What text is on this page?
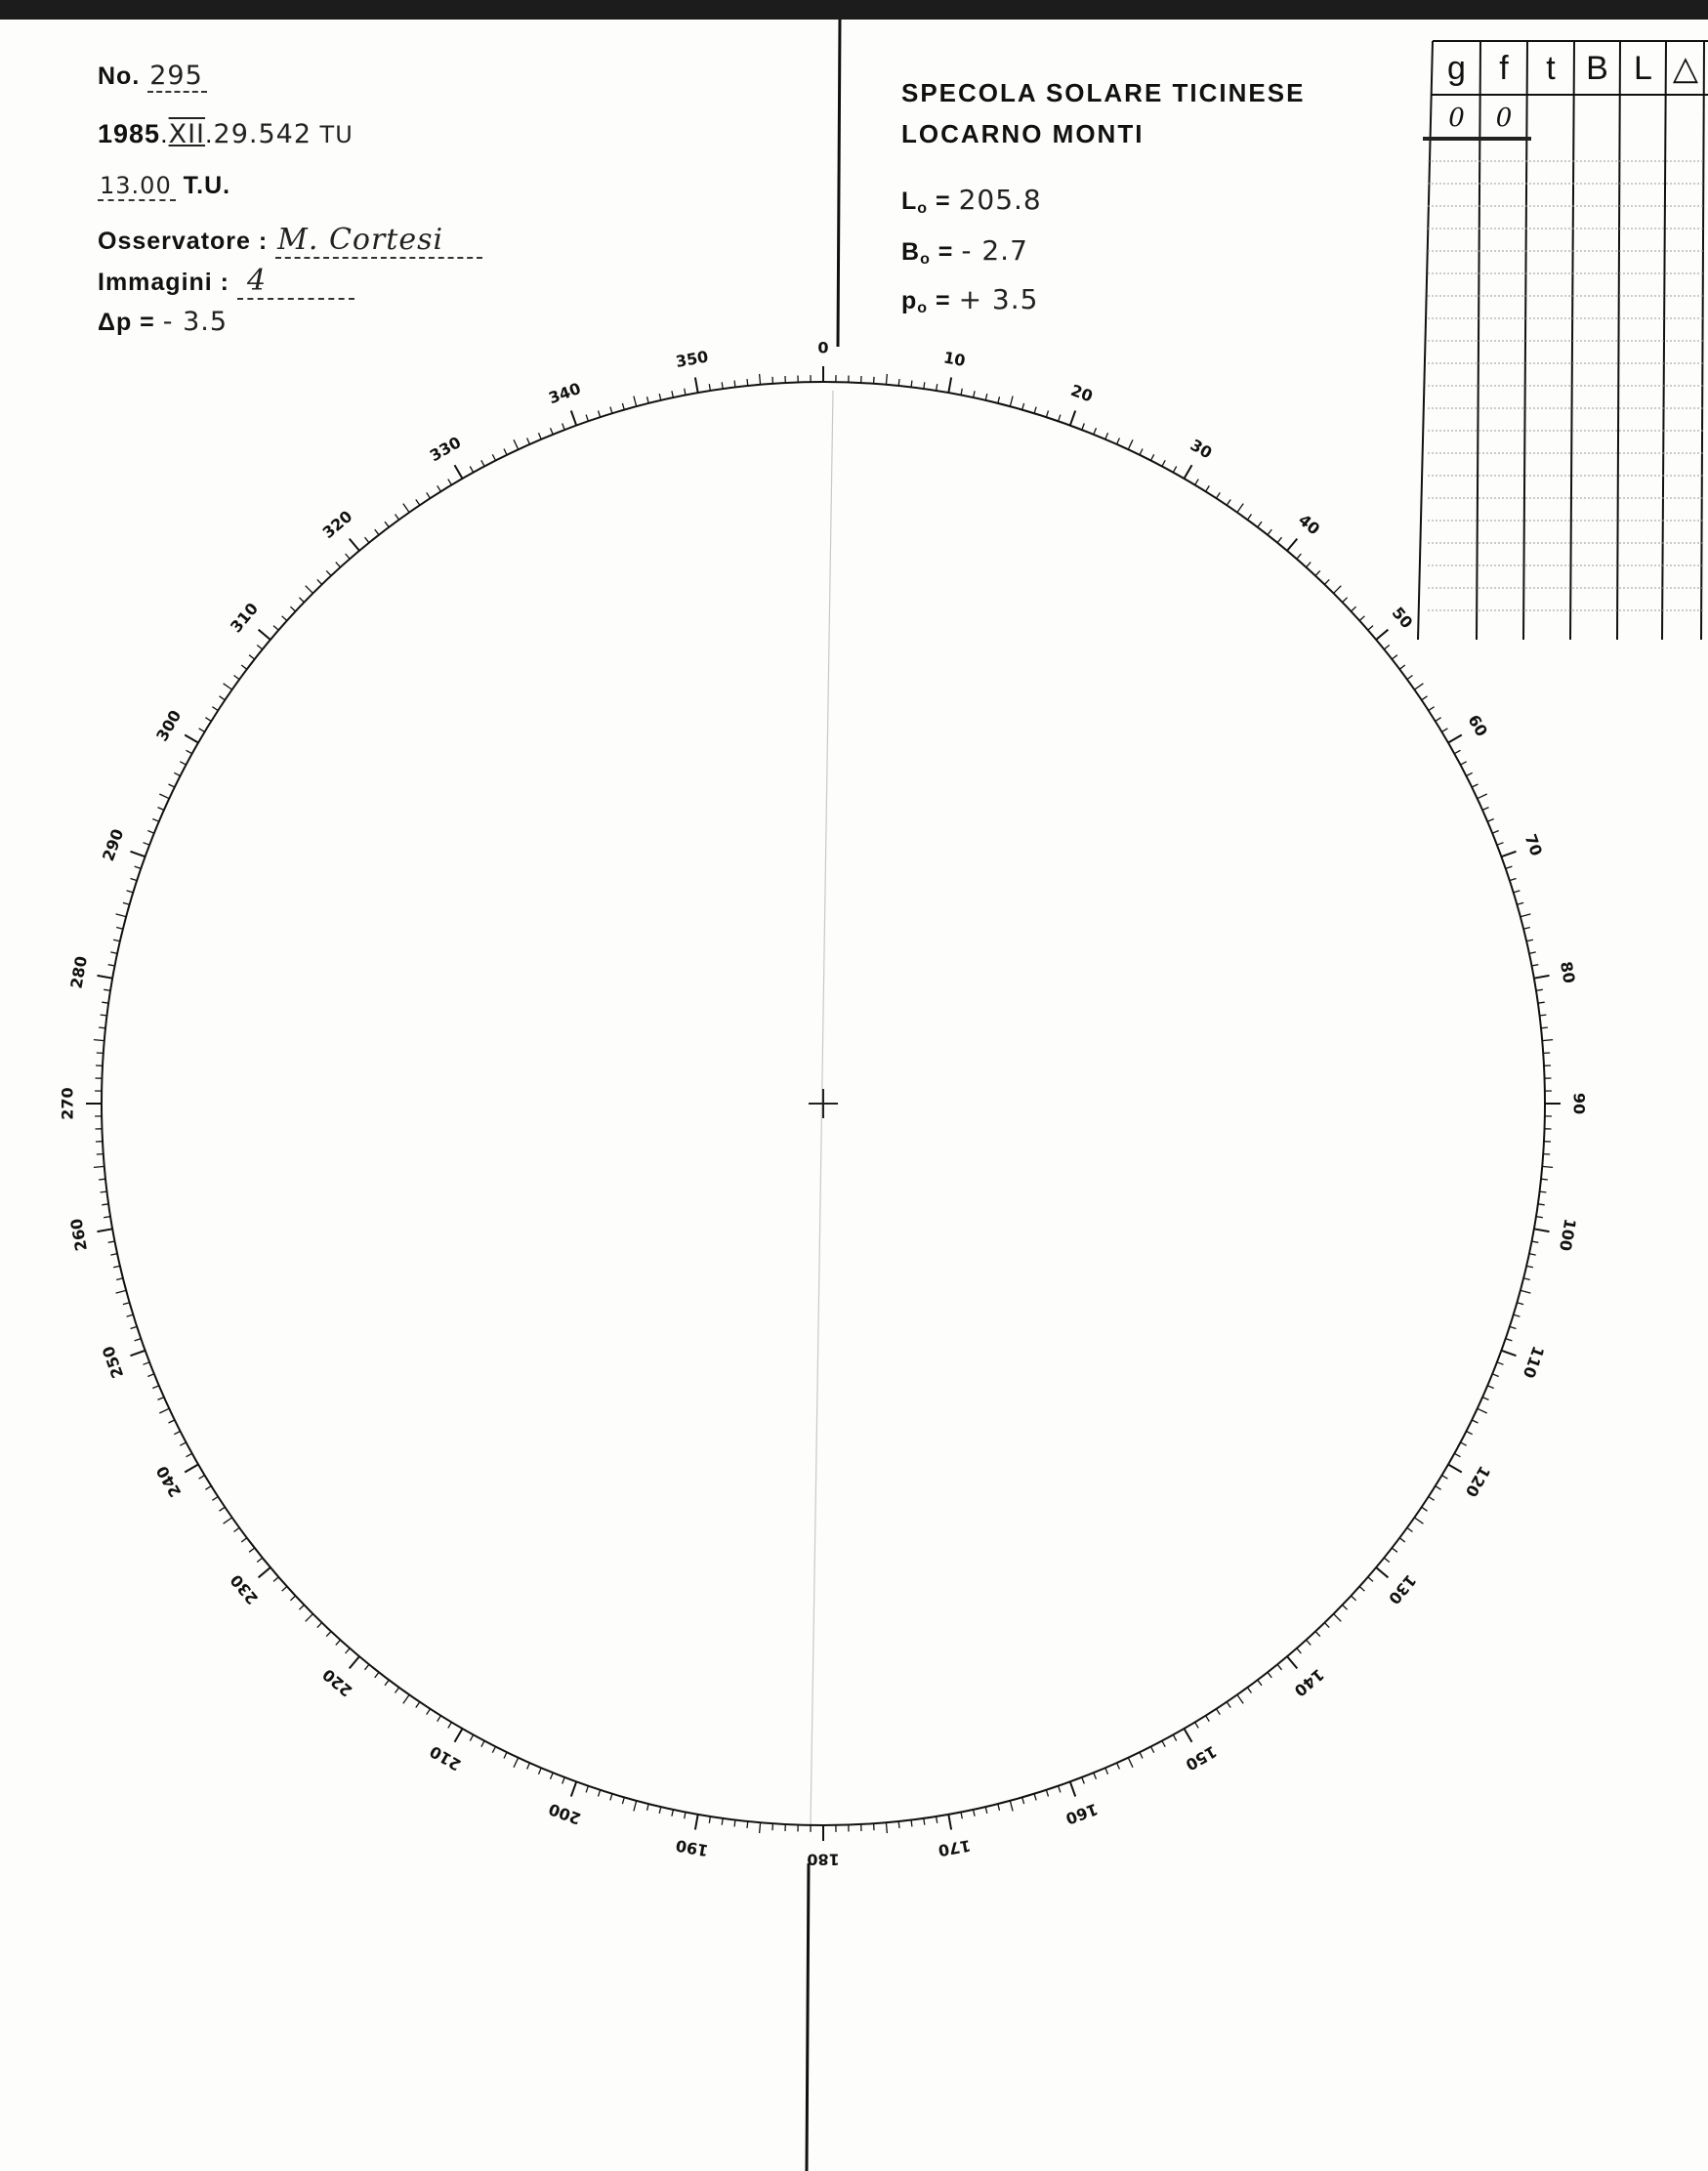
No. 295
1985.XII.29.542 TU
13.00 T.U.
Osservatore : M. Cortesi
Immagini : 4
Δp = - 3.5
SPECOLA SOLARE TICINESE
LOCARNO MONTI
$L_o = 205.8$
$B_o$ = - 2.7
$p_o$ = + 3.5
g	f	t B L △
0	0
0
10
20
30
40
50
60
70
80
90
100
110
120
130
140
150
160
170
180
190
200
210
220
230
240
250
260
270
280
290
300
310
320
330
340
350
